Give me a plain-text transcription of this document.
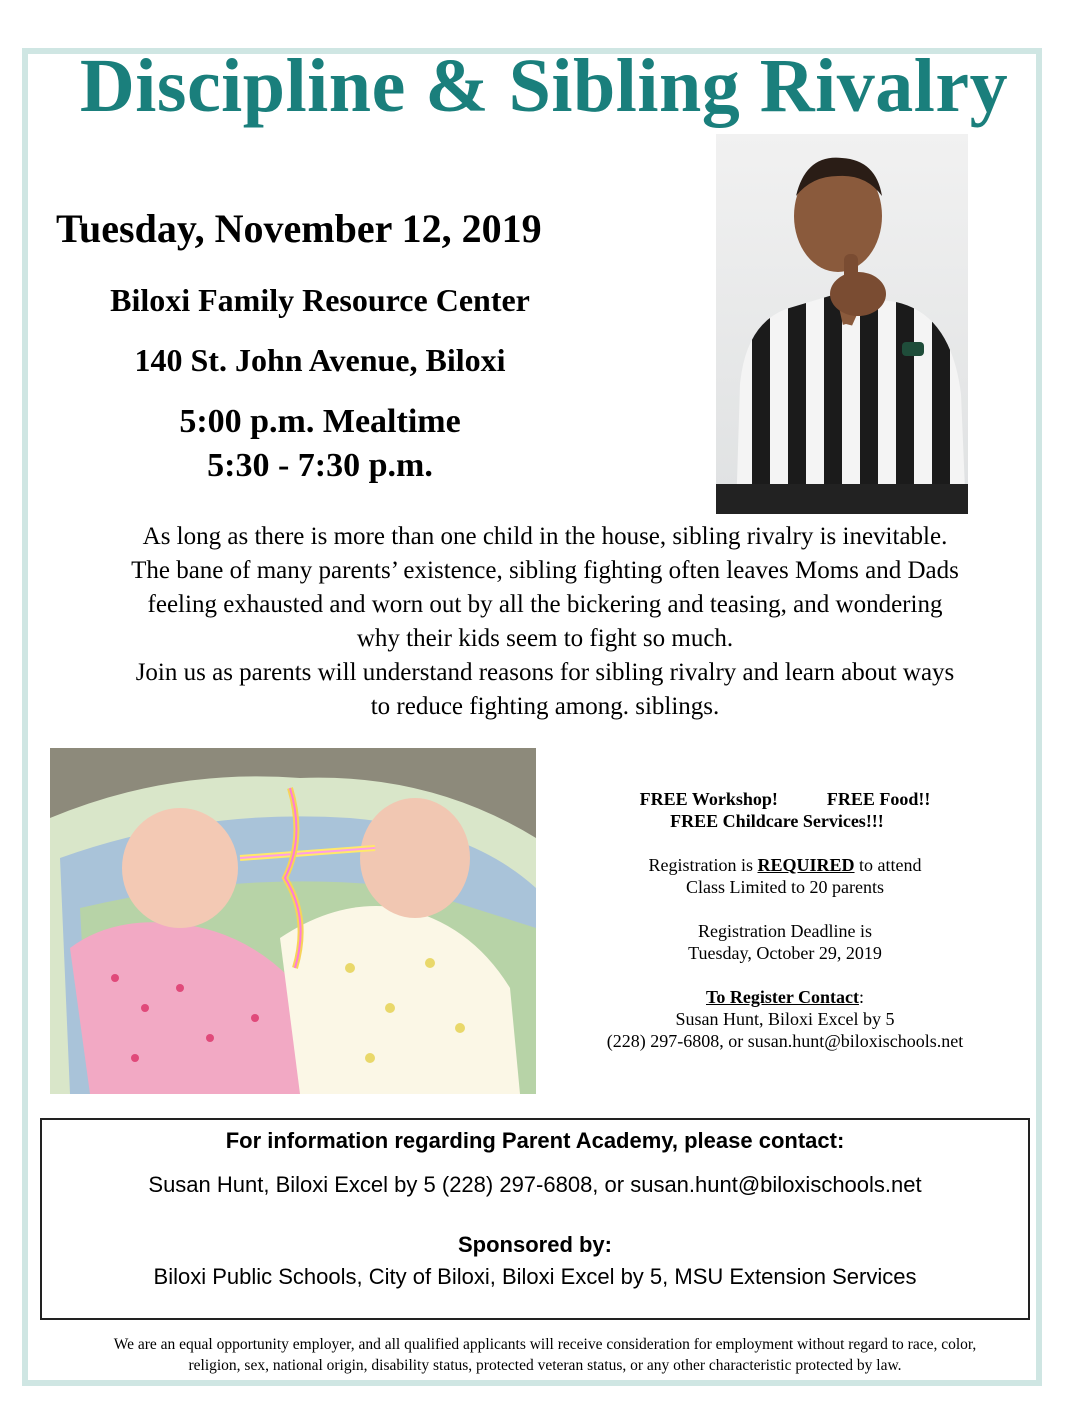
Discipline & Sibling Rivalry
Tuesday, November 12, 2019
Biloxi Family Resource Center
140 St. John Avenue, Biloxi
5:00 p.m. Mealtime
5:30 - 7:30 p.m.

As long as there is more than one child in the house, sibling rivalry is inevitable.

The bane of many parents’ existence, sibling fighting often leaves Moms and Dads

feeling exhausted and worn out by all the bickering and teasing, and wondering

why their kids seem to fight so much.

Join us as parents will understand reasons for sibling rivalry and learn about ways

to reduce fighting among. siblings.

FREE Workshop!	FREE Food!!
FREE Childcare Services!!!
Registration is REQUIRED to attend
Class Limited to 20 parents
Registration Deadline is
Tuesday, October 29, 2019
To Register Contact:
Susan Hunt, Biloxi Excel by 5
(228) 297-6808, or susan.hunt@biloxischools.net
For information regarding Parent Academy, please contact:
Susan Hunt, Biloxi Excel by 5 (228) 297-6808, or susan.hunt@biloxischools.net
Sponsored by:
Biloxi Public Schools, City of Biloxi, Biloxi Excel by 5, MSU Extension Services
We are an equal opportunity employer, and all qualified applicants will receive consideration for employment without regard to race, color,
religion, sex, national origin, disability status, protected veteran status, or any other characteristic protected by law.
